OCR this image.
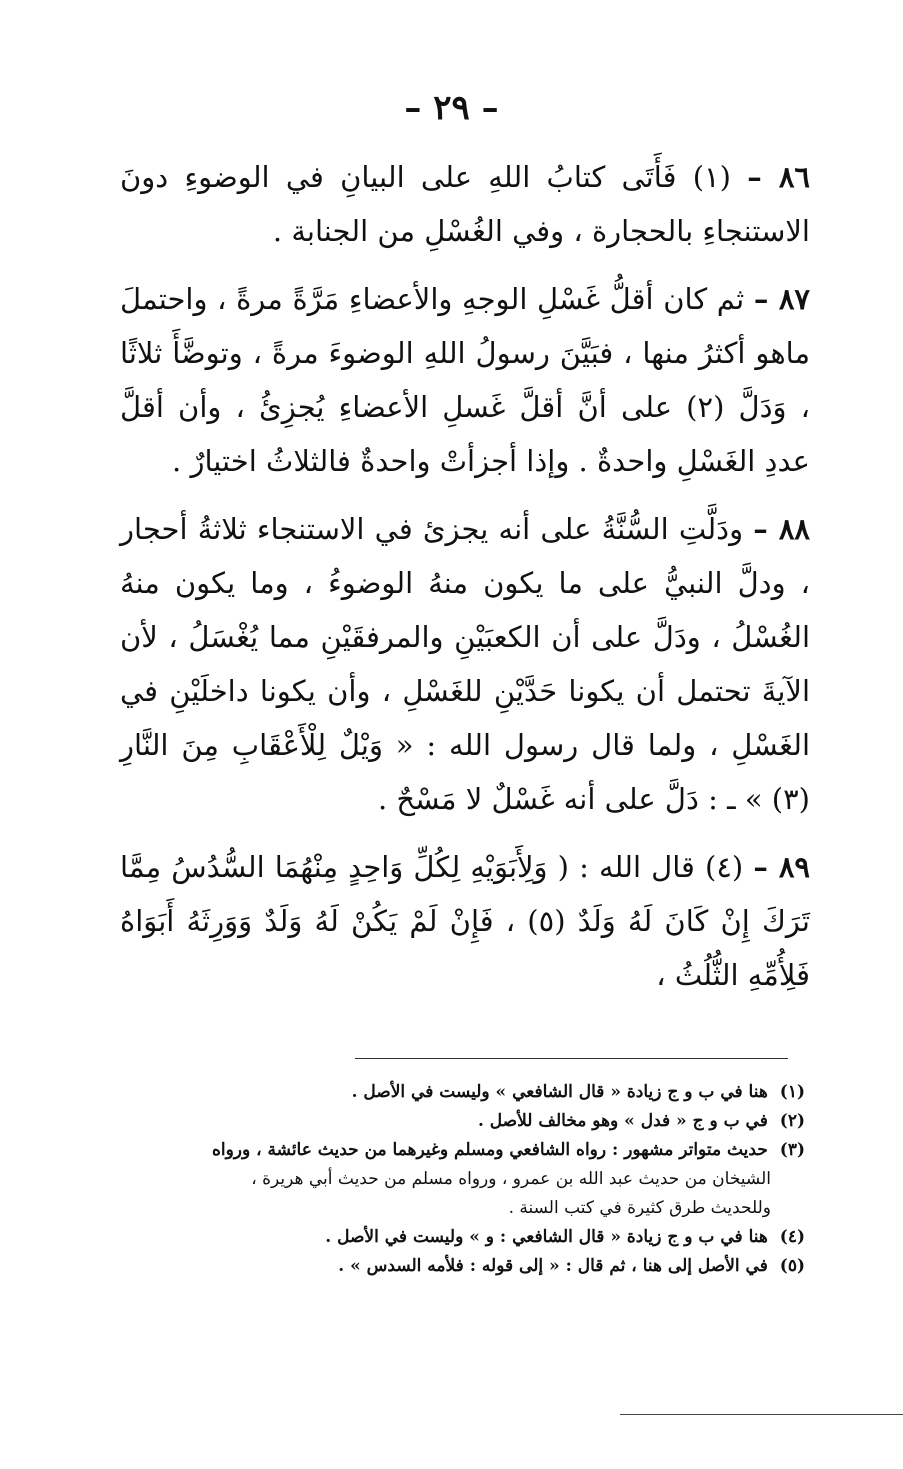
– ٢٩ –

٨٦ – (١) فَأَتَى كتابُ اللهِ على البيانِ في الوضوءِ دونَ الاستنجاءِ بالحجارة ، وفي الغُسْلِ من الجنابة .

٨٧ – ثم كان أقلُّ غَسْلِ الوجهِ والأعضاءِ مَرَّةً مرةً ، واحتملَ ماهو أكثرُ منها ، فبَيَّنَ رسولُ اللهِ الوضوءَ مرةً ، وتوضَّأَ ثلاثًا ، وَدَلَّ (٢) على أنَّ أقلَّ غَسلِ الأعضاءِ يُجزِئُ ، وأن أقلَّ عددِ الغَسْلِ واحدةٌ . وإذا أجزأتْ واحدةٌ فالثلاثُ اختيارٌ .

٨٨ – ودَلَّتِ السُّنَّةُ على أنه يجزئ في الاستنجاء ثلاثةُ أحجار ، ودلَّ النبيُّ على ما يكون منهُ الوضوءُ ، وما يكون منهُ الغُسْلُ ، ودَلَّ على أن الكعبَيْنِ والمرفقَيْنِ مما يُغْسَلُ ، لأن الآيةَ تحتمل أن يكونا حَدَّيْنِ للغَسْلِ ، وأن يكونا داخلَيْنِ في الغَسْلِ ، ولما قال رسول الله : « وَيْلٌ لِلْأَعْقَابِ مِنَ النَّارِ (٣) » ـ : دَلَّ على أنه غَسْلٌ لا مَسْحٌ .

٨٩ – (٤) قال الله : ( وَلِأَبَوَيْهِ لِكُلِّ وَاحِدٍ مِنْهُمَا السُّدُسُ مِمَّا تَرَكَ إِنْ كَانَ لَهُ وَلَدٌ (٥) ، فَإِنْ لَمْ يَكُنْ لَهُ وَلَدٌ وَوَرِثَهُ أَبَوَاهُ فَلِأُمِّهِ الثُّلُثُ ،

(١) هنا في ب و ج زيادة « قال الشافعي » وليست في الأصل .

(٢) في ب و ج « فدل » وهو مخالف للأصل .

(٣) حديث متواتر مشهور : رواه الشافعي ومسلم وغيرهما من حديث عائشة ، ورواه

الشيخان من حديث عبد الله بن عمرو ، ورواه مسلم من حديث أبي هريرة ،

وللحديث طرق كثيرة في كتب السنة .

(٤) هنا في ب و ج زيادة « قال الشافعي : و » وليست في الأصل .

(٥) في الأصل إلى هنا ، ثم قال : « إلى قوله : فلأمه السدس » .
